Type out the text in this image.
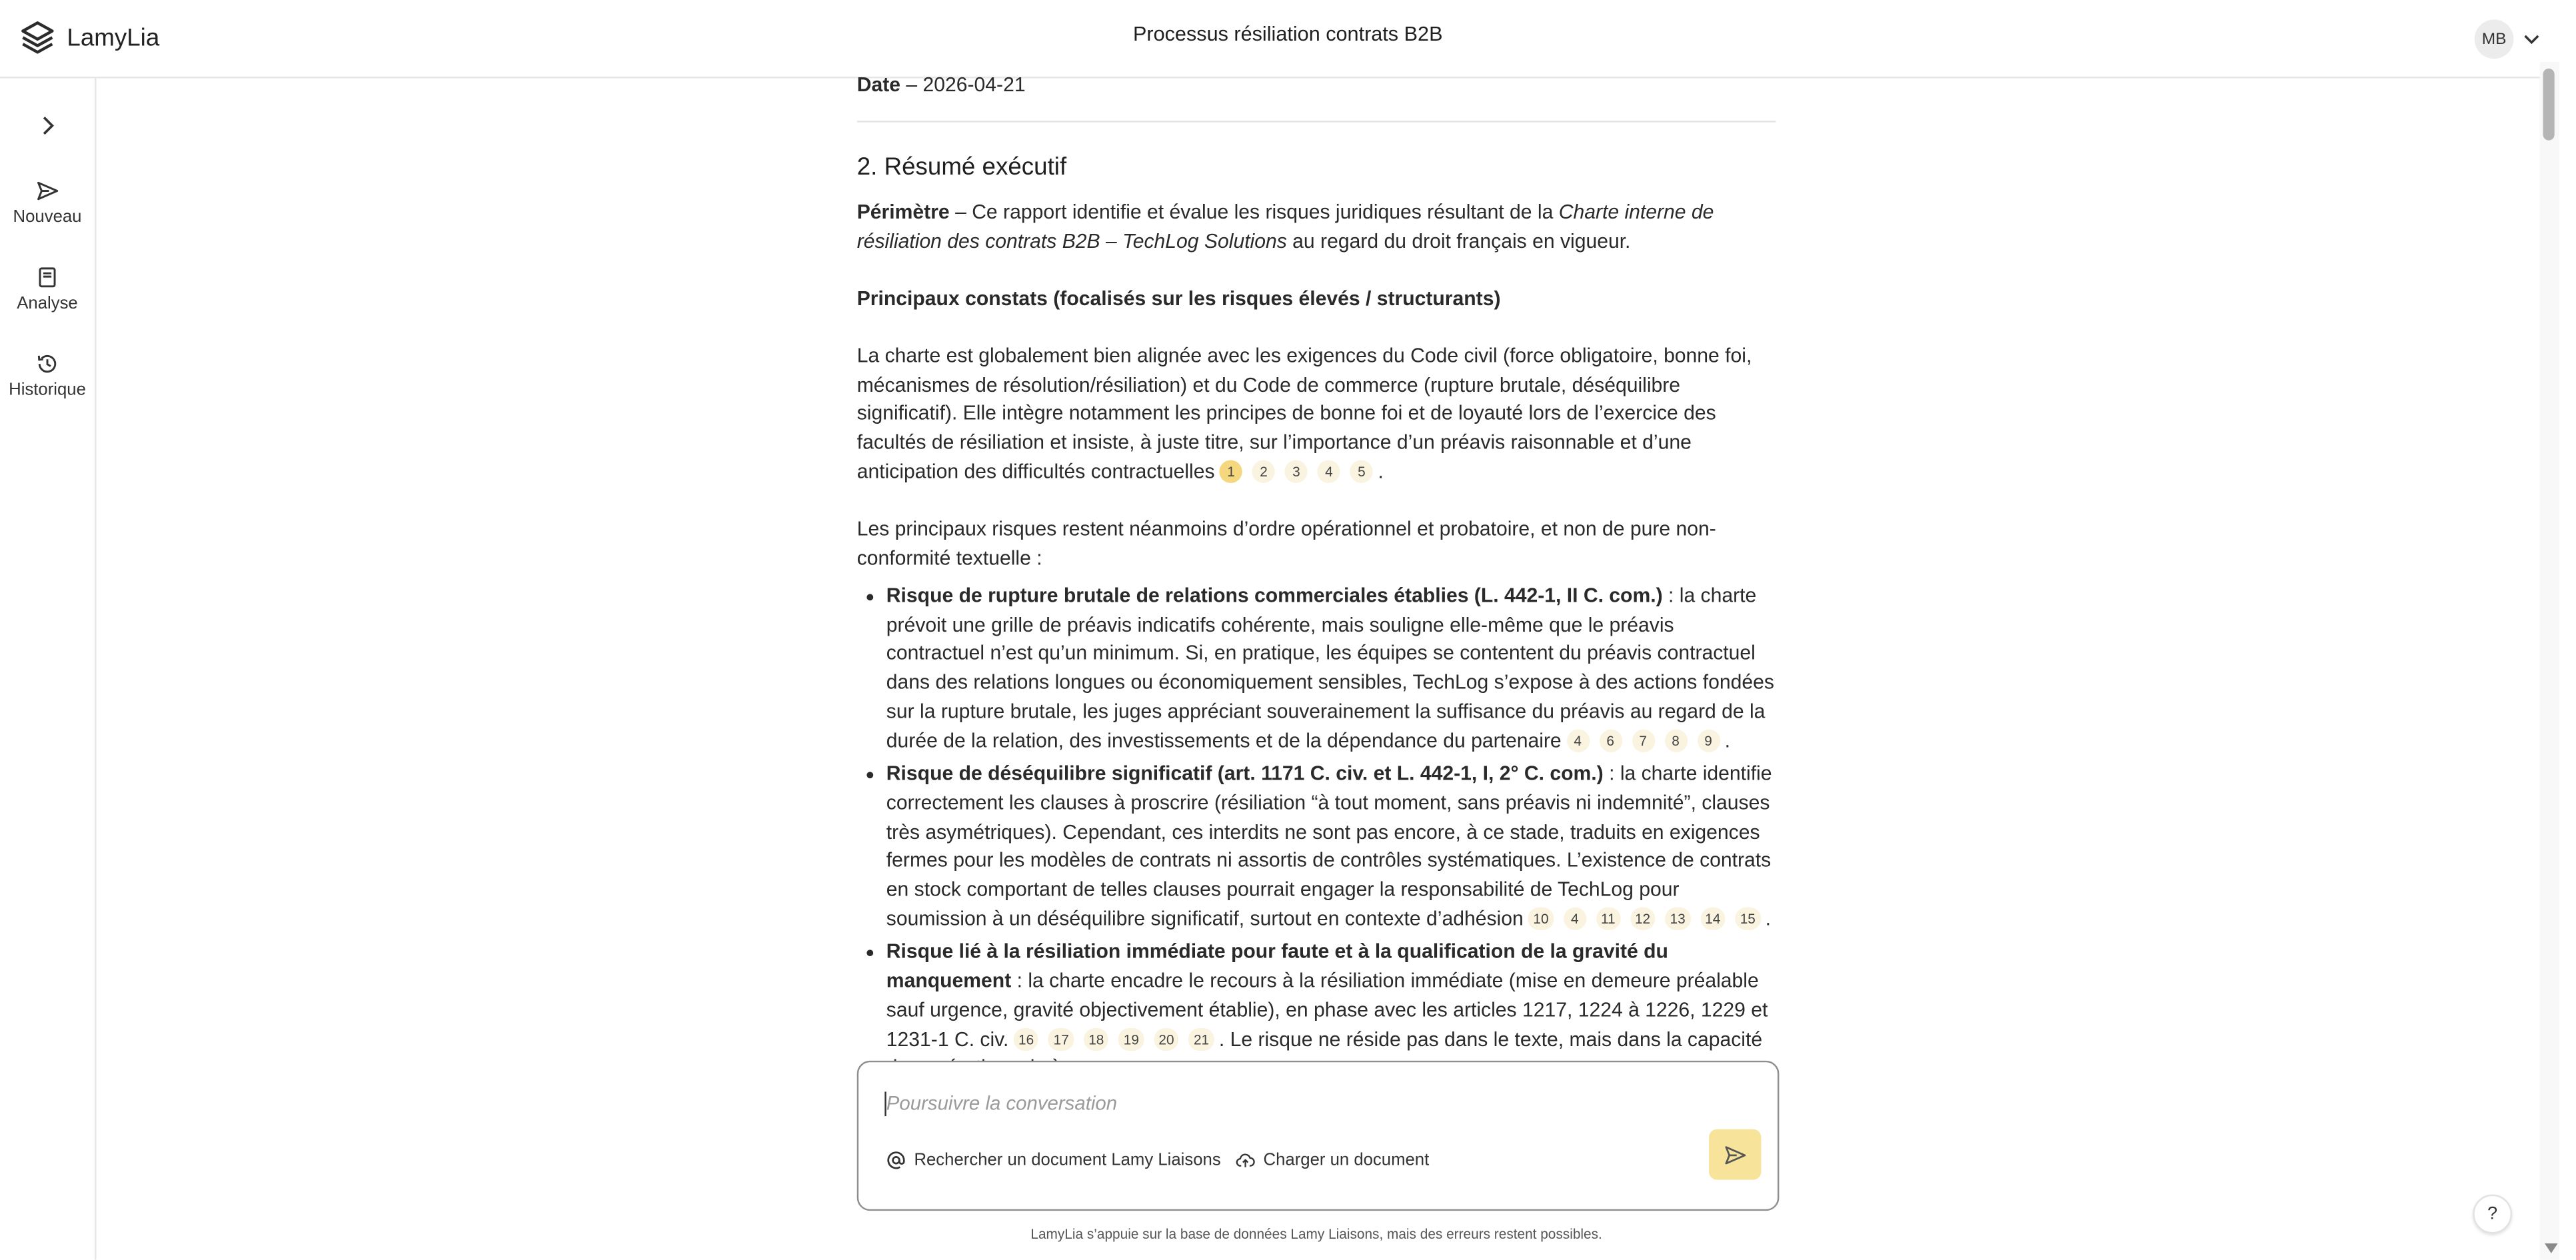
LamyLia	Processus résiliation contrats B2B	MB
Nouveau
Analyse
Historique
Date – 2026-04-21
2. Résumé exécutif
Périmètre – Ce rapport identifie et évalue les risques juridiques résultant de la Charte interne de résiliation des contrats B2B – TechLog Solutions au regard du droit français en vigueur.
Principaux constats (focalisés sur les risques élevés / structurants)
La charte est globalement bien alignée avec les exigences du Code civil (force obligatoire, bonne foi, mécanismes de résolution/résiliation) et du Code de commerce (rupture brutale, déséquilibre significatif). Elle intègre notamment les principes de bonne foi et de loyauté lors de l’exercice des facultés de résiliation et insiste, à juste titre, sur l’importance d’un préavis raisonnable et d’une anticipation des difficultés contractuelles 1	2	3	4	5 .
Les principaux risques restent néanmoins d’ordre opérationnel et probatoire, et non de pure non-conformité textuelle :
Risque de rupture brutale de relations commerciales établies (L. 442-1, II C. com.) : la charte prévoit une grille de préavis indicatifs cohérente, mais souligne elle-même que le préavis contractuel n’est qu’un minimum. Si, en pratique, les équipes se contentent du préavis contractuel dans des relations longues ou économiquement sensibles, TechLog s’expose à des actions fondées sur la rupture brutale, les juges appréciant souverainement la suffisance du préavis au regard de la durée de la relation, des investissements et de la dépendance du partenaire 4	6	7	8	9 .
Risque de déséquilibre significatif (art. 1171 C. civ. et L. 442-1, I, 2° C. com.) : la charte identifie correctement les clauses à proscrire (résiliation “à tout moment, sans préavis ni indemnité”, clauses très asymétriques). Cependant, ces interdits ne sont pas encore, à ce stade, traduits en exigences fermes pour les modèles de contrats ni assortis de contrôles systématiques. L’existence de contrats en stock comportant de telles clauses pourrait engager la responsabilité de TechLog pour soumission à un déséquilibre significatif, surtout en contexte d’adhésion 10	4	11	12	13	14	15 .
Risque lié à la résiliation immédiate pour faute et à la qualification de la gravité du manquement : la charte encadre le recours à la résiliation immédiate (mise en demeure préalable sauf urgence, gravité objectivement établie), en phase avec les articles 1217, 1224 à 1226, 1229 et 1231-1 C. civ. 16	17	18	19	20	21 . Le risque ne réside pas dans le texte, mais dans la capacité
Poursuivre la conversation
Rechercher un document Lamy Liaisons	Charger un document
LamyLia s’appuie sur la base de données Lamy Liaisons, mais des erreurs restent possibles.
?
